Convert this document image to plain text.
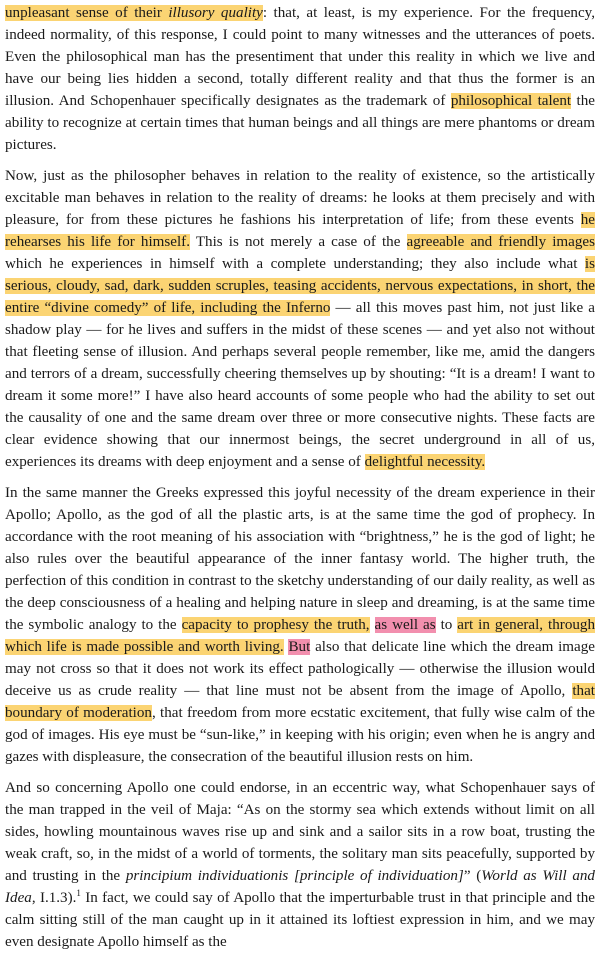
unpleasant sense of their illusory quality: that, at least, is my experience. For the frequency, indeed normality, of this response, I could point to many witnesses and the utterances of poets. Even the philosophical man has the presentiment that under this reality in which we live and have our being lies hidden a second, totally different reality and that thus the former is an illusion. And Schopenhauer specifically designates as the trademark of philosophical talent the ability to recognize at certain times that human beings and all things are mere phantoms or dream pictures.

Now, just as the philosopher behaves in relation to the reality of existence, so the artistically excitable man behaves in relation to the reality of dreams: he looks at them precisely and with pleasure, for from these pictures he fashions his interpretation of life; from these events he rehearses his life for himself. This is not merely a case of the agreeable and friendly images which he experiences in himself with a complete understanding; they also include what is serious, cloudy, sad, dark, sudden scruples, teasing accidents, nervous expectations, in short, the entire “divine comedy” of life, including the Inferno — all this moves past him, not just like a shadow play — for he lives and suffers in the midst of these scenes — and yet also not without that fleeting sense of illusion. And perhaps several people remember, like me, amid the dangers and terrors of a dream, successfully cheering themselves up by shouting: “It is a dream! I want to dream it some more!” I have also heard accounts of some people who had the ability to set out the causality of one and the same dream over three or more consecutive nights. These facts are clear evidence showing that our innermost beings, the secret underground in all of us, experiences its dreams with deep enjoyment and a sense of delightful necessity.

In the same manner the Greeks expressed this joyful necessity of the dream experience in their Apollo; Apollo, as the god of all the plastic arts, is at the same time the god of prophecy. In accordance with the root meaning of his association with “brightness,” he is the god of light; he also rules over the beautiful appearance of the inner fantasy world. The higher truth, the perfection of this condition in contrast to the sketchy understanding of our daily reality, as well as the deep consciousness of a healing and helping nature in sleep and dreaming, is at the same time the symbolic analogy to the capacity to prophesy the truth, as well as to art in general, through which life is made possible and worth living. But also that delicate line which the dream image may not cross so that it does not work its effect pathologically — otherwise the illusion would deceive us as crude reality — that line must not be absent from the image of Apollo, that boundary of moderation, that freedom from more ecstatic excitement, that fully wise calm of the god of images. His eye must be “sun-like,” in keeping with his origin; even when he is angry and gazes with displeasure, the consecration of the beautiful illusion rests on him.

And so concerning Apollo one could endorse, in an eccentric way, what Schopenhauer says of the man trapped in the veil of Maja: “As on the stormy sea which extends without limit on all sides, howling mountainous waves rise up and sink and a sailor sits in a row boat, trusting the weak craft, so, in the midst of a world of torments, the solitary man sits peacefully, supported by and trusting in the principium individuationis [principle of individuation]” (World as Will and Idea, I.1.3).$^1$ In fact, we could say of Apollo that the imperturbable trust in that principle and the calm sitting still of the man caught up in it attained its loftiest expression in him, and we may even designate Apollo himself as the
